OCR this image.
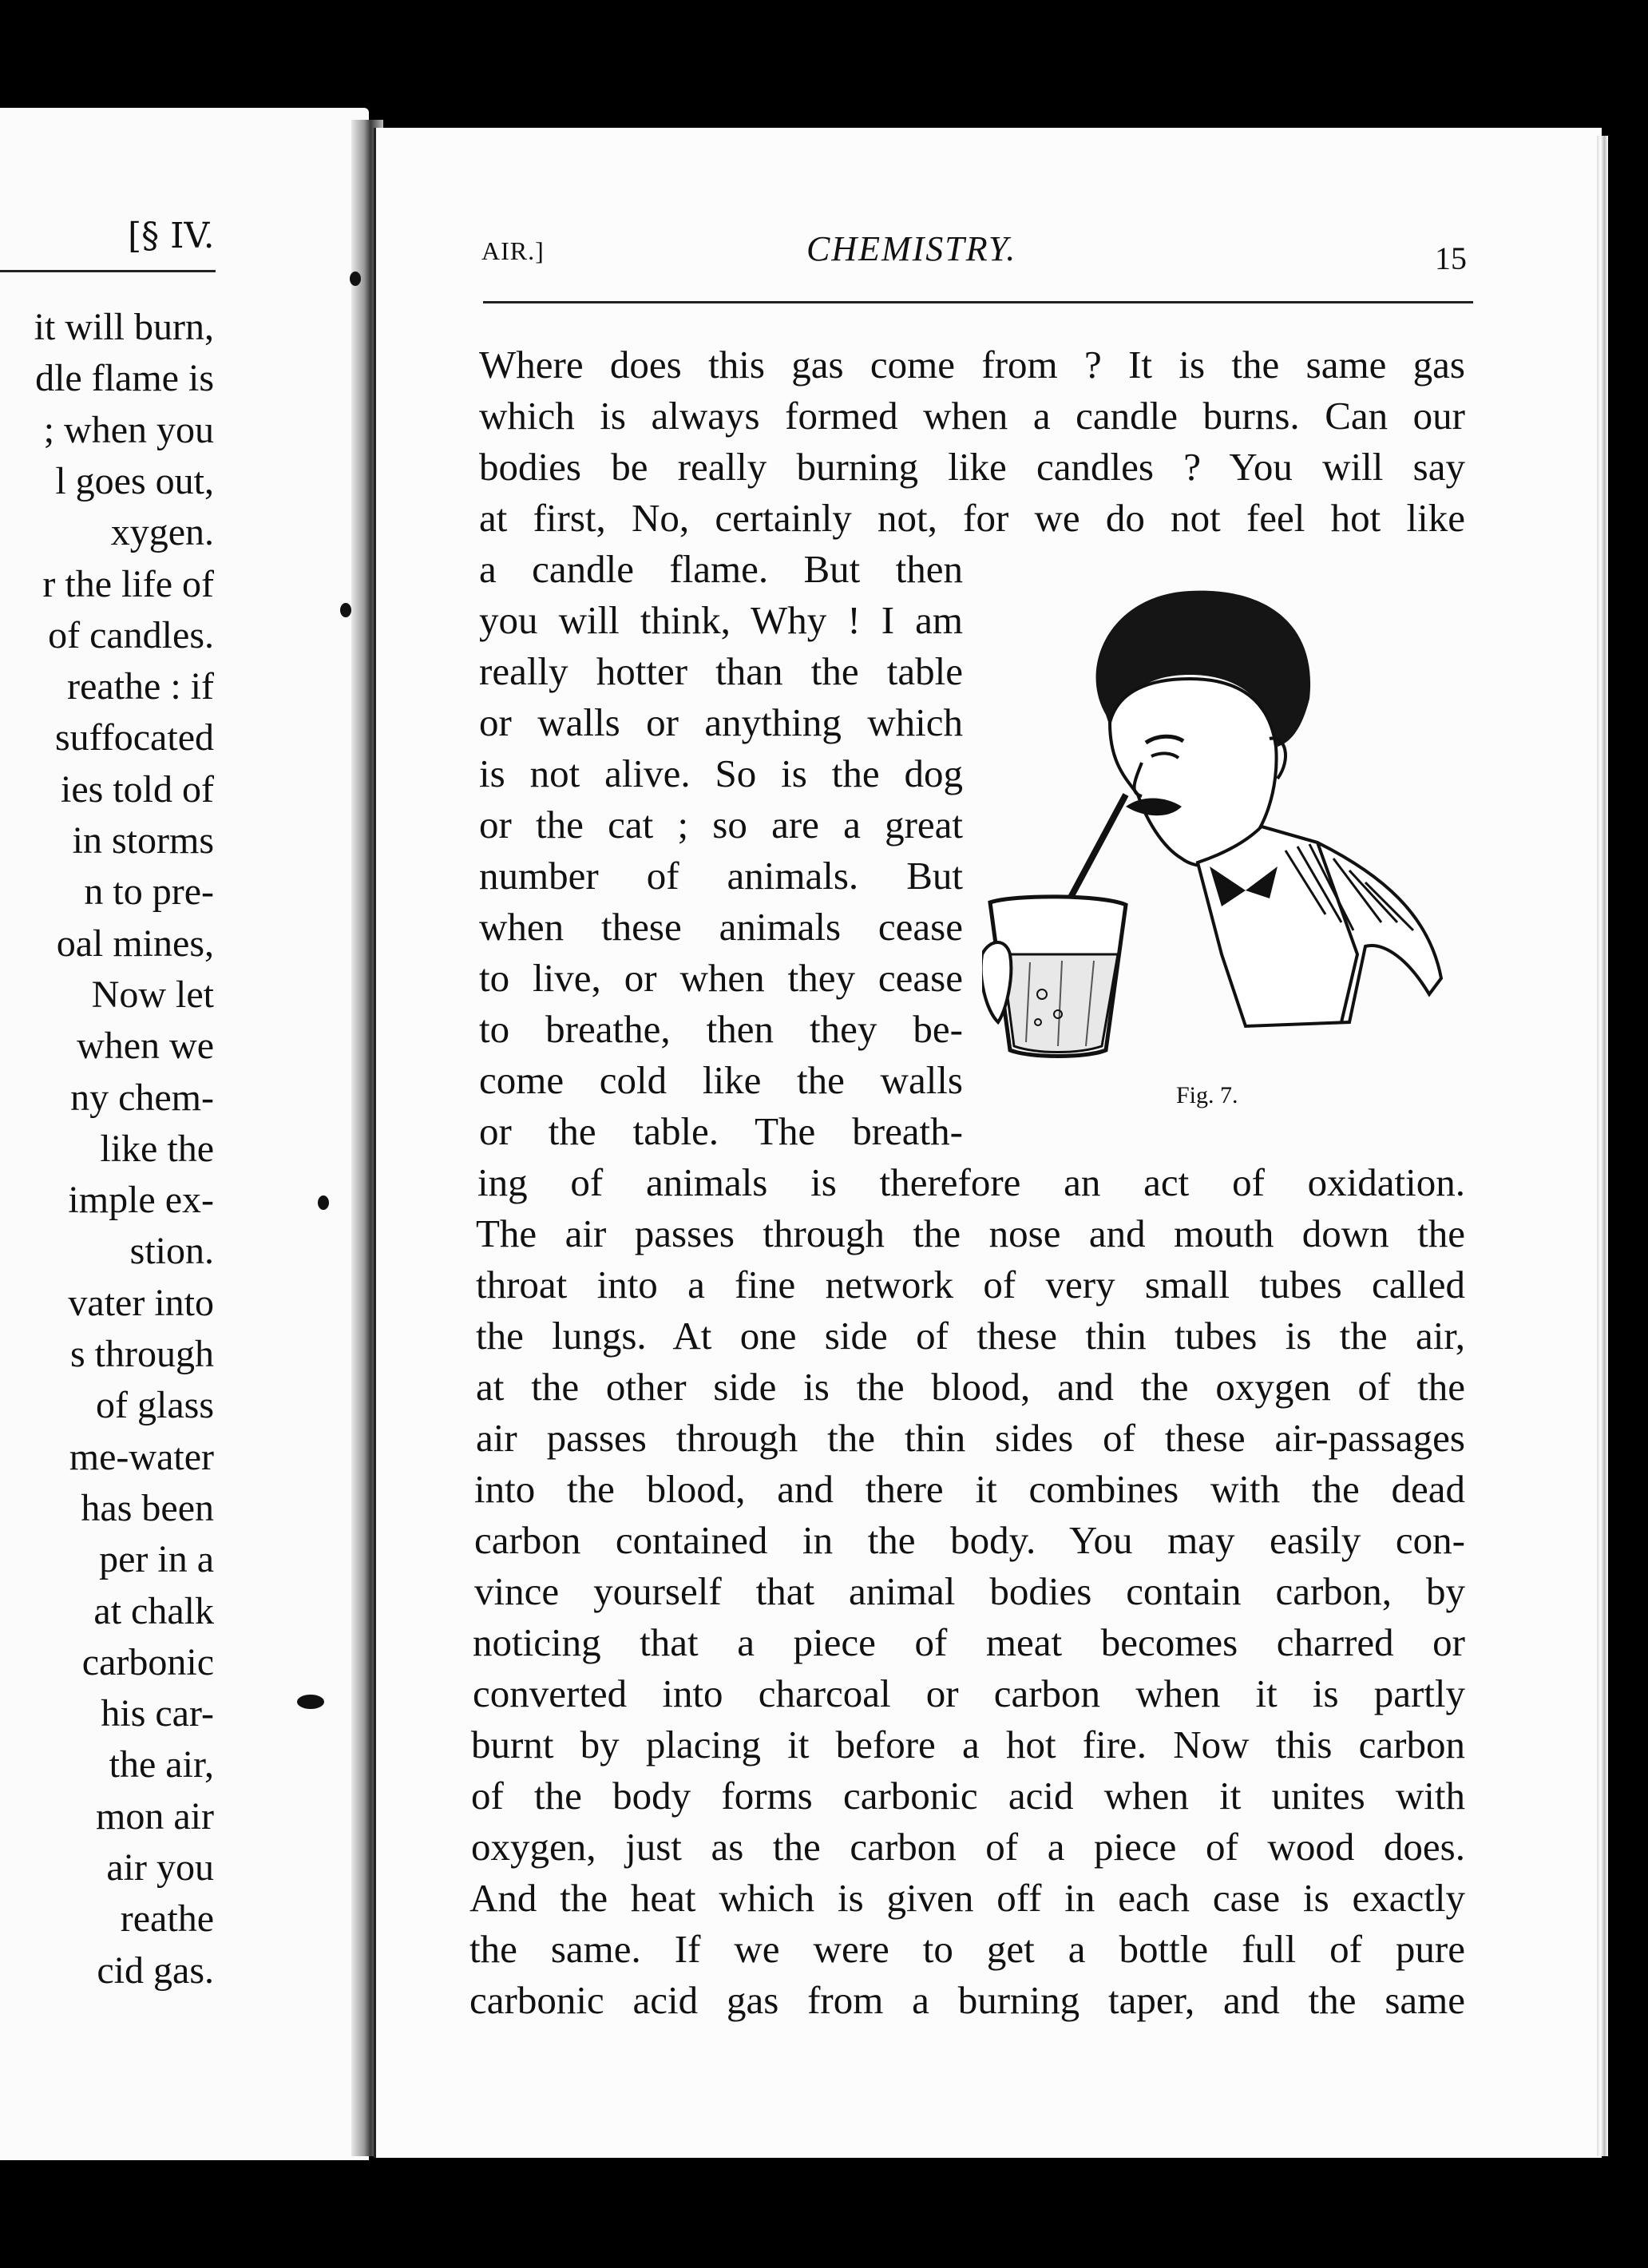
[§ IV.
it will burn,
dle flame is
; when you
l goes out,
xygen.
r the life of
of candles.
reathe : if
suffocated
ies told of
in storms
n to pre-
oal mines,
Now let
when we
ny chem-
like the
imple ex-
stion.
vater into
s through
of glass
me-water
has been
per in a
at chalk
carbonic
his car-
the air,
mon air
air you
reathe
cid gas.
AIR.]	CHEMISTRY.	15
Where does this gas come from ? It is the same gas
which is always formed when a candle burns. Can our
bodies be really burning like candles ? You will say
at first, No, certainly not, for we do not feel hot like
a candle flame. But then
you will think, Why ! I am
really hotter than the table
or walls or anything which
is not alive. So is the dog
or the cat ; so are a great
number of animals. But
when these animals cease
to live, or when they cease
to breathe, then they be-
come cold like the walls
or the table. The breath-
ing of animals is therefore an act of oxidation.
The air passes through the nose and mouth down the
throat into a fine network of very small tubes called
the lungs. At one side of these thin tubes is the air,
at the other side is the blood, and the oxygen of the
air passes through the thin sides of these air-passages
into the blood, and there it combines with the dead
carbon contained in the body. You may easily con-
vince yourself that animal bodies contain carbon, by
noticing that a piece of meat becomes charred or
converted into charcoal or carbon when it is partly
burnt by placing it before a hot fire. Now this carbon
of the body forms carbonic acid when it unites with
oxygen, just as the carbon of a piece of wood does.
And the heat which is given off in each case is exactly
the same. If we were to get a bottle full of pure
carbonic acid gas from a burning taper, and the same
Fig. 7.
